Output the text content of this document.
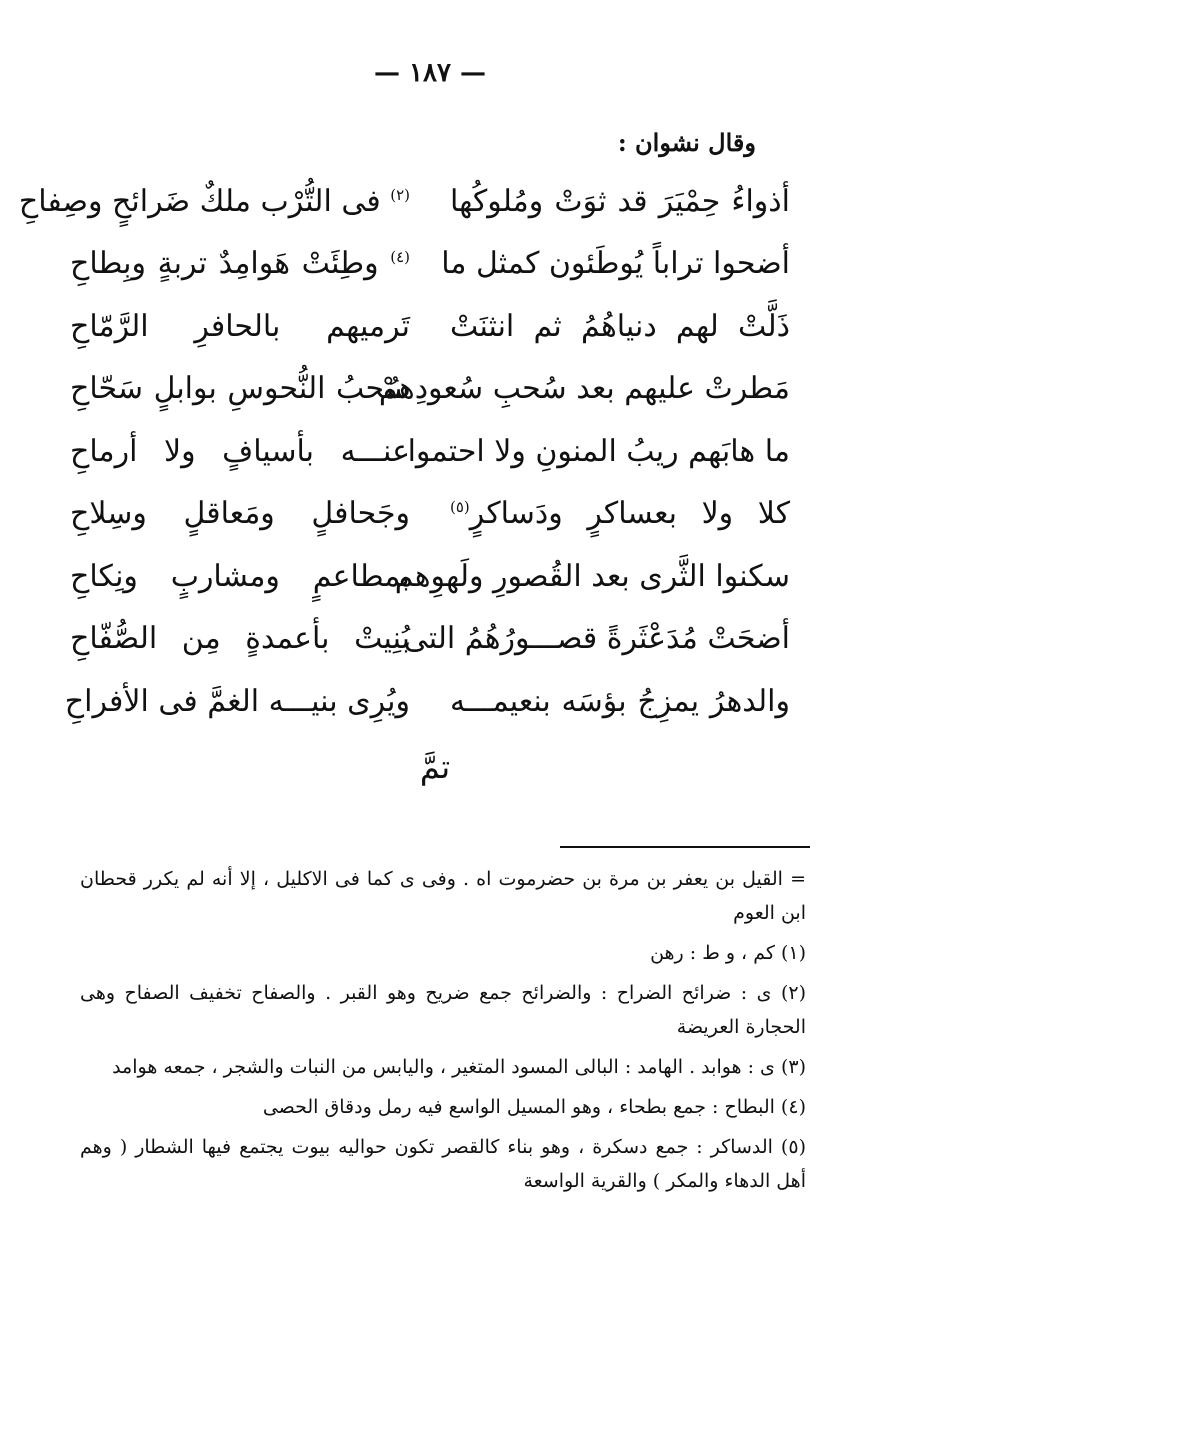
— ١٨٧ —
وقال نشوان :
أذواءُ حِمْيَرَ قد ثوَتْ ومُلوكُها
$^{(٢)}$ فى التُّرْب ملكٌ ضَرائحٍ وصِفاحِ
أضحوا تراباً يُوطَئون كمثل ما
$^{(٤)}$ وطِئَتْ هَوامِدٌ تربةٍ وبِطاحِ
ذَلَّتْ لهم دنياهُمُ ثم انثنَتْ
تَرميهم بالحافرِ الرَّمّاحِ
مَطرتْ عليهم بعد سُحبِ سُعودِهمْ
سُحبُ النُّحوسِ بوابلٍ سَحّاحِ
ما هابَهم ريبُ المنونِ ولا احتموا
عنـــه بأسيافٍ ولا أرماحِ
كلا ولا بعساكرٍ ودَساكرٍ$^{(٥)}$
وجَحافلٍ ومَعاقلٍ وسِلاحِ
سكنوا الثَّرى بعد القُصورِ ولَهوِهم
بمطاعمٍ ومشاربٍ ونِكاحِ
أضحَتْ مُدَعْثَرةً قصـــورُهُمُ التى
بُنِيتْ بأعمدةٍ مِن الصُّفّاحِ
والدهرُ يمزِجُ بؤسَه بنعيمـــه
ويُرِى بنيـــه الغمَّ فى الأفراحِ
تمَّ

= القيل بن يعفر بن مرة بن حضرموت اه . وفى ى كما فى الاكليل ، إلا أنه لم يكرر قحطان ابن العوم

(١) كم ، و ط : رهن

(٢) ى : ضرائح الضراح : والضرائح جمع ضريح وهو القبر . والصفاح تخفيف الصفاح وهى الحجارة العريضة

(٣) ى : هوابد . الهامد : البالى المسود المتغير ، واليابس من النبات والشجر ، جمعه هوامد

(٤) البطاح : جمع بطحاء ، وهو المسيل الواسع فيه رمل ودقاق الحصى

(٥) الدساكر : جمع دسكرة ، وهو بناء كالقصر تكون حواليه بيوت يجتمع فيها الشطار ( وهم أهل الدهاء والمكر ) والقرية الواسعة
